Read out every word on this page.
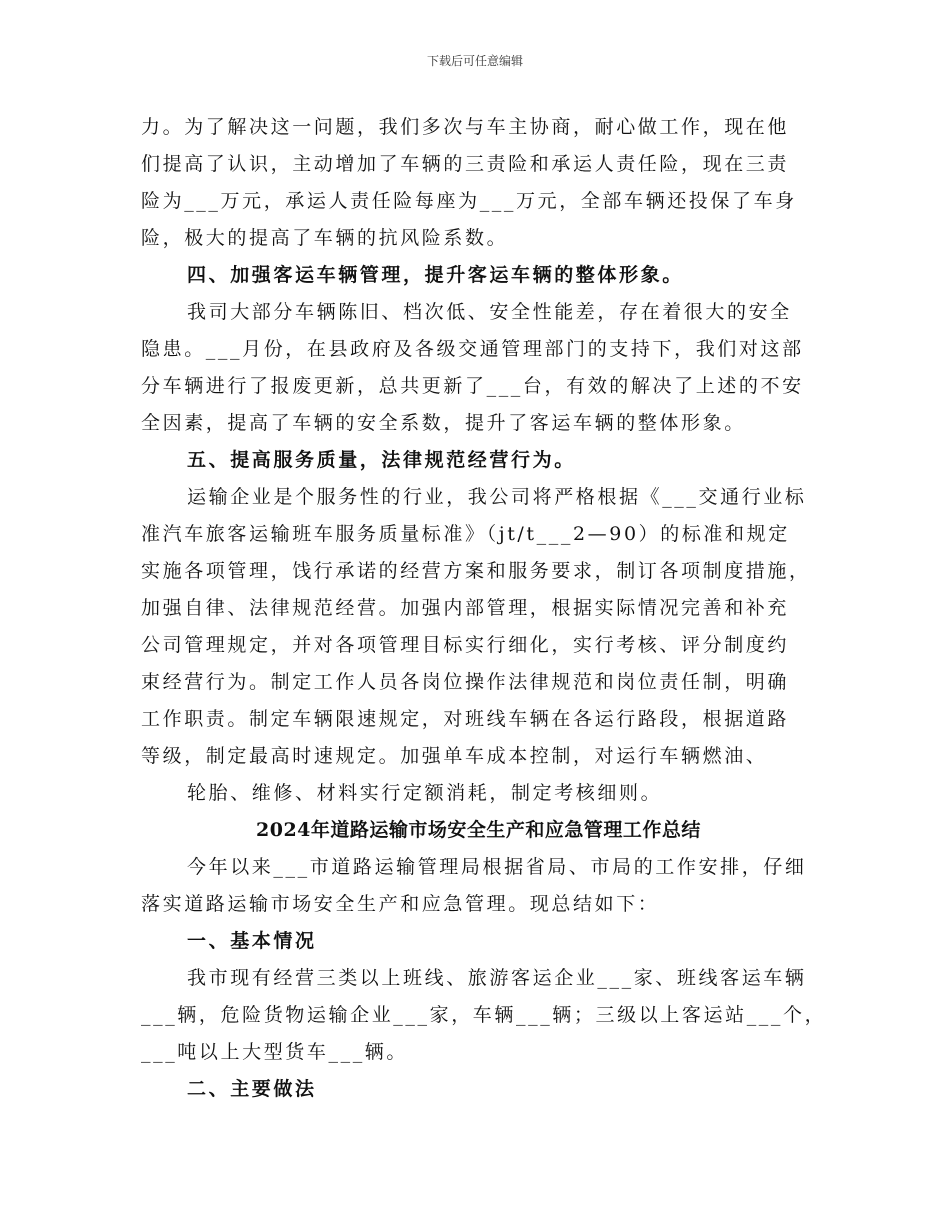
下载后可任意编辑
力。为了解决这一问题，我们多次与车主协商，耐心做工作，现在他
们提高了认识，主动增加了车辆的三责险和承运人责任险，现在三责
险为___万元，承运人责任险每座为___万元，全部车辆还投保了车身
险，极大的提高了车辆的抗风险系数。
四、加强客运车辆管理，提升客运车辆的整体形象。
我司大部分车辆陈旧、档次低、安全性能差，存在着很大的安全
隐患。___月份，在县政府及各级交通管理部门的支持下，我们对这部
分车辆进行了报废更新，总共更新了___台，有效的解决了上述的不安
全因素，提高了车辆的安全系数，提升了客运车辆的整体形象。
五、提高服务质量，法律规范经营行为。
运输企业是个服务性的行业，我公司将严格根据《___交通行业标
准汽车旅客运输班车服务质量标准》（jt/t___2—90）的标准和规定
实施各项管理，饯行承诺的经营方案和服务要求，制订各项制度措施，
加强自律、法律规范经营。加强内部管理，根据实际情况完善和补充
公司管理规定，并对各项管理目标实行细化，实行考核、评分制度约
束经营行为。制定工作人员各岗位操作法律规范和岗位责任制，明确
工作职责。制定车辆限速规定，对班线车辆在各运行路段，根据道路
等级，制定最高时速规定。加强单车成本控制，对运行车辆燃油、
轮胎、维修、材料实行定额消耗，制定考核细则。
2024年道路运输市场安全生产和应急管理工作总结
今年以来___市道路运输管理局根据省局、市局的工作安排，仔细
落实道路运输市场安全生产和应急管理。现总结如下：
一、基本情况
我市现有经营三类以上班线、旅游客运企业___家、班线客运车辆
___辆，危险货物运输企业___家，车辆___辆；三级以上客运站___个，
___吨以上大型货车___辆。
二、主要做法
